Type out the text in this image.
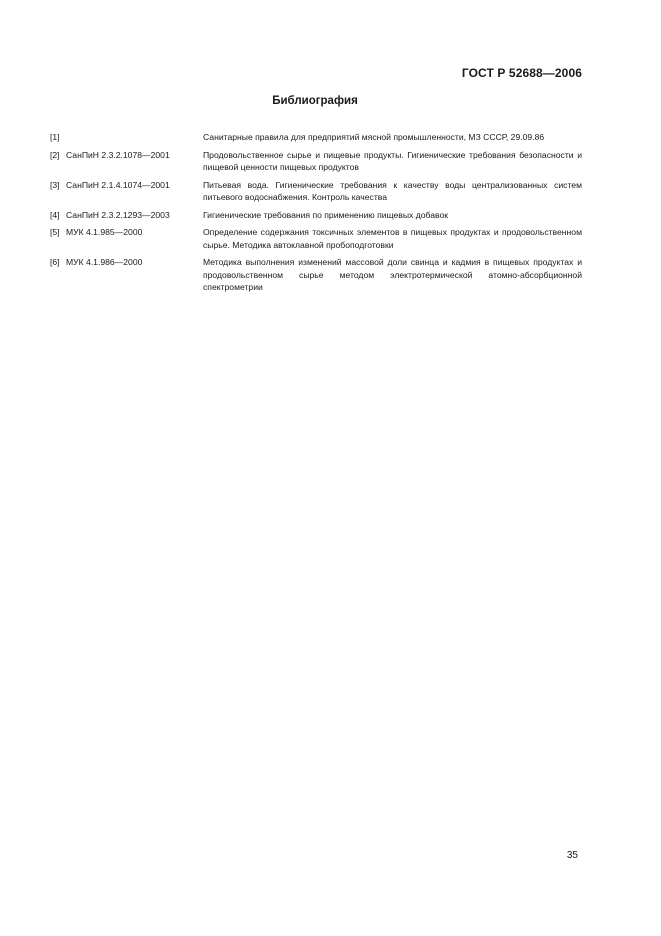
ГОСТ Р 52688—2006
Библиография
[1]	Санитарные правила для предприятий мясной промышленности, МЗ СССР, 29.09.86
[2] СанПиН 2.3.2.1078—2001	Продовольственное сырье и пищевые продукты. Гигиенические требования безопасности и пищевой ценности пищевых продуктов
[3] СанПиН 2.1.4.1074—2001	Питьевая вода. Гигиенические требования к качеству воды централизованных систем питьевого водоснабжения. Контроль качества
[4] СанПиН 2.3.2.1293—2003	Гигиенические требования по применению пищевых добавок
[5] МУК 4.1.985—2000	Определение содержания токсичных элементов в пищевых продуктах и продовольственном сырье. Методика автоклавной пробоподготовки
[6] МУК 4.1.986—2000	Методика выполнения изменений массовой доли свинца и кадмия в пищевых продуктах и продовольственном сырье методом электротермической атомно-абсорбционной спектрометрии
35
